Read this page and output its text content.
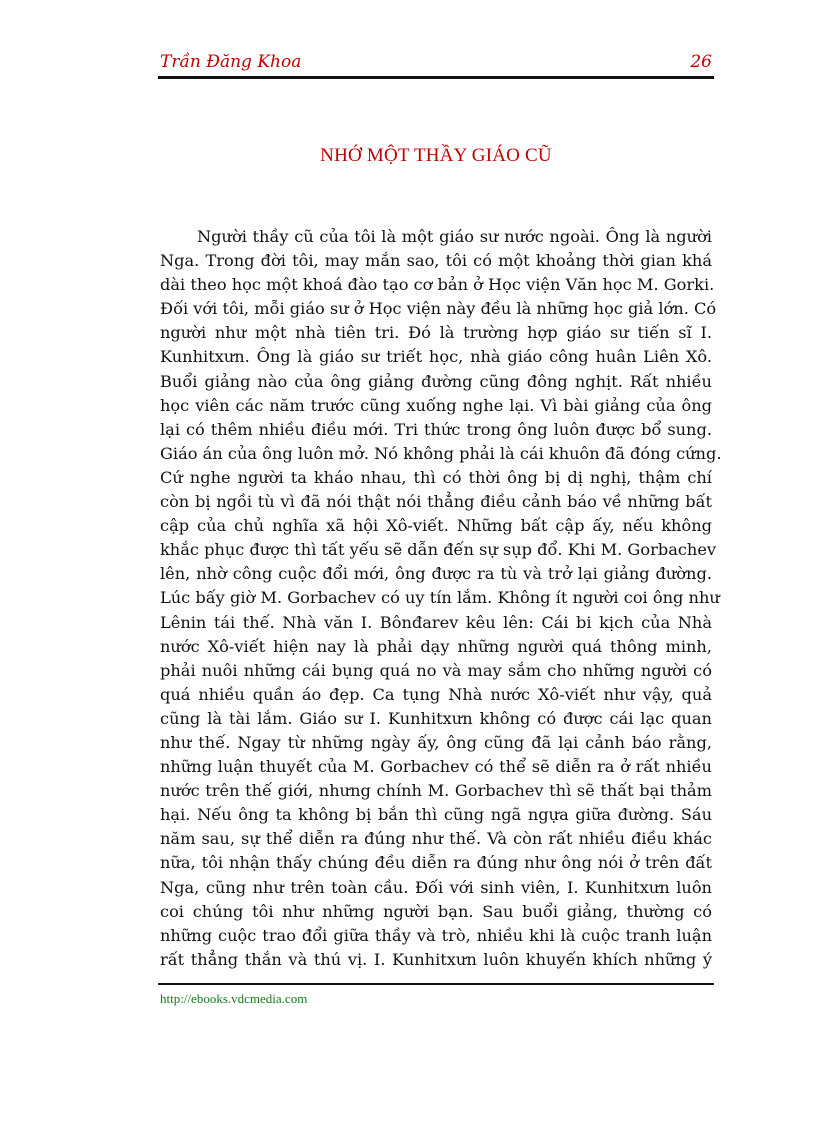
Trần Đăng Khoa	26
NHỚ MỘT THẦY GIÁO CŨ
Người thầy cũ của tôi là một giáo sư nước ngoài. Ông là người
Nga. Trong đời tôi, may mắn sao, tôi có một khoảng thời gian khá
dài theo học một khoá đào tạo cơ bản ở Học viện Văn học M. Gorki.
Đối với tôi, mỗi giáo sư ở Học viện này đều là những học giả lớn. Có
người như một nhà tiên tri. Đó là trường hợp giáo sư tiến sĩ I.
Kunhitxưn. Ông là giáo sư triết học, nhà giáo công huân Liên Xô.
Buổi giảng nào của ông giảng đường cũng đông nghịt. Rất nhiều
học viên các năm trước cũng xuống nghe lại. Vì bài giảng của ông
lại có thêm nhiều điều mới. Tri thức trong ông luôn được bổ sung.
Giáo án của ông luôn mở. Nó không phải là cái khuôn đã đóng cứng.
Cứ nghe người ta kháo nhau, thì có thời ông bị dị nghị, thậm chí
còn bị ngồi tù vì đã nói thật nói thẳng điều cảnh báo về những bất
cập của chủ nghĩa xã hội Xô-viết. Những bất cập ấy, nếu không
khắc phục được thì tất yếu sẽ dẫn đến sự sụp đổ. Khi M. Gorbachev
lên, nhờ công cuộc đổi mới, ông được ra tù và trở lại giảng đường.
Lúc bấy giờ M. Gorbachev có uy tín lắm. Không ít người coi ông như
Lênin tái thế. Nhà văn I. Bônđarev kêu lên: Cái bi kịch của Nhà
nước Xô-viết hiện nay là phải dạy những người quá thông minh,
phải nuôi những cái bụng quá no và may sắm cho những người có
quá nhiều quần áo đẹp. Ca tụng Nhà nước Xô-viết như vậy, quả
cũng là tài lắm. Giáo sư I. Kunhitxưn không có được cái lạc quan
như thế. Ngay từ những ngày ấy, ông cũng đã lại cảnh báo rằng,
những luận thuyết của M. Gorbachev có thể sẽ diễn ra ở rất nhiều
nước trên thế giới, nhưng chính M. Gorbachev thì sẽ thất bại thảm
hại. Nếu ông ta không bị bắn thì cũng ngã ngựa giữa đường. Sáu
năm sau, sự thể diễn ra đúng như thế. Và còn rất nhiều điều khác
nữa, tôi nhận thấy chúng đều diễn ra đúng như ông nói ở trên đất
Nga, cũng như trên toàn cầu. Đối với sinh viên, I. Kunhitxưn luôn
coi chúng tôi như những người bạn. Sau buổi giảng, thường có
những cuộc trao đổi giữa thầy và trò, nhiều khi là cuộc tranh luận
rất thẳng thắn và thú vị. I. Kunhitxưn luôn khuyến khích những ý
http://ebooks.vdcmedia.com
